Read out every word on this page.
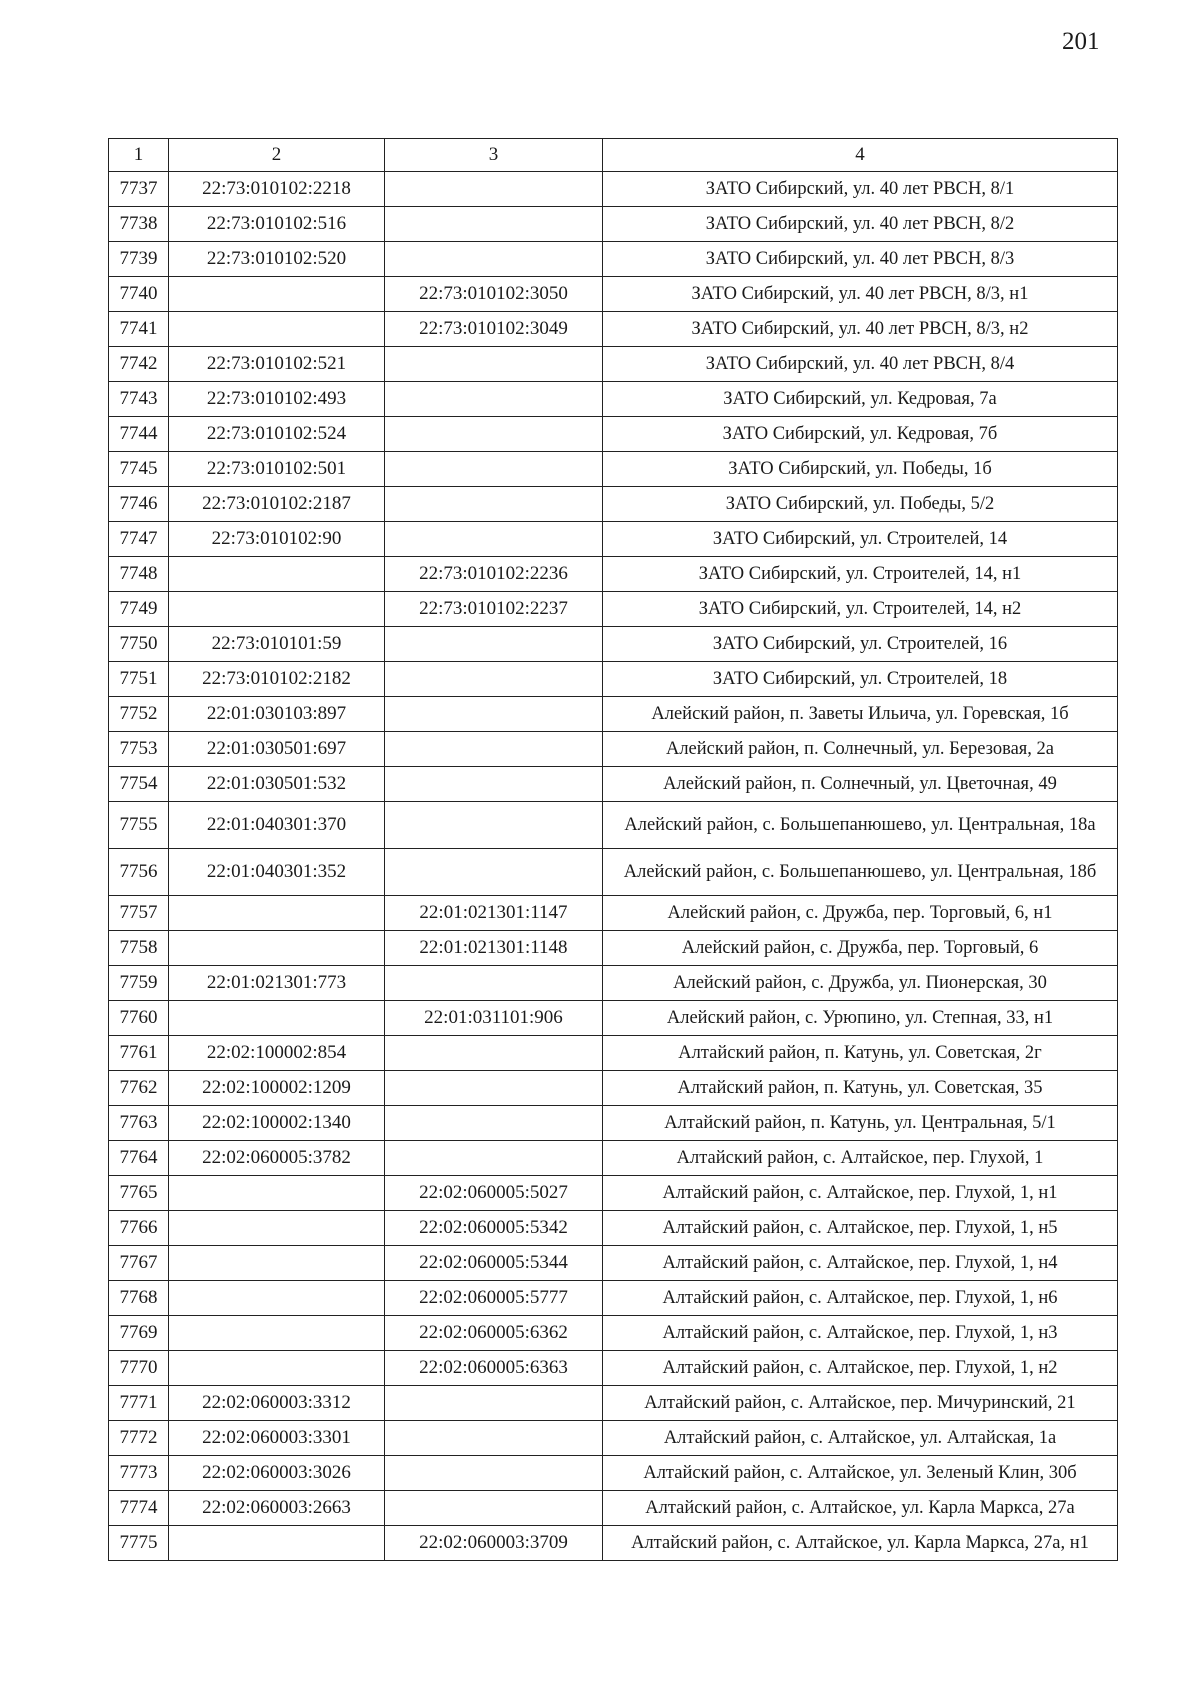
201
1	2	3	4
7737	22:73:010102:2218		ЗАТО Сибирский, ул. 40 лет РВСН, 8/1
7738	22:73:010102:516		ЗАТО Сибирский, ул. 40 лет РВСН, 8/2
7739	22:73:010102:520		ЗАТО Сибирский, ул. 40 лет РВСН, 8/3
7740		22:73:010102:3050	ЗАТО Сибирский, ул. 40 лет РВСН, 8/3, н1
7741		22:73:010102:3049	ЗАТО Сибирский, ул. 40 лет РВСН, 8/3, н2
7742	22:73:010102:521		ЗАТО Сибирский, ул. 40 лет РВСН, 8/4
7743	22:73:010102:493		ЗАТО Сибирский, ул. Кедровая, 7а
7744	22:73:010102:524		ЗАТО Сибирский, ул. Кедровая, 7б
7745	22:73:010102:501		ЗАТО Сибирский, ул. Победы, 1б
7746	22:73:010102:2187		ЗАТО Сибирский, ул. Победы, 5/2
7747	22:73:010102:90		ЗАТО Сибирский, ул. Строителей, 14
7748		22:73:010102:2236	ЗАТО Сибирский, ул. Строителей, 14, н1
7749		22:73:010102:2237	ЗАТО Сибирский, ул. Строителей, 14, н2
7750	22:73:010101:59		ЗАТО Сибирский, ул. Строителей, 16
7751	22:73:010102:2182		ЗАТО Сибирский, ул. Строителей, 18
7752	22:01:030103:897		Алейский район, п. Заветы Ильича, ул. Горевская, 1б
7753	22:01:030501:697		Алейский район, п. Солнечный, ул. Березовая, 2а
7754	22:01:030501:532		Алейский район, п. Солнечный, ул. Цветочная, 49
7755	22:01:040301:370		Алейский район, с. Большепанюшево, ул. Центральная, 18а
7756	22:01:040301:352		Алейский район, с. Большепанюшево, ул. Центральная, 18б
7757		22:01:021301:1147	Алейский район, с. Дружба, пер. Торговый, 6, н1
7758		22:01:021301:1148	Алейский район, с. Дружба, пер. Торговый, 6
7759	22:01:021301:773		Алейский район, с. Дружба, ул. Пионерская, 30
7760		22:01:031101:906	Алейский район, с. Урюпино, ул. Степная, 33, н1
7761	22:02:100002:854		Алтайский район, п. Катунь, ул. Советская, 2г
7762	22:02:100002:1209		Алтайский район, п. Катунь, ул. Советская, 35
7763	22:02:100002:1340		Алтайский район, п. Катунь, ул. Центральная, 5/1
7764	22:02:060005:3782		Алтайский район, с. Алтайское, пер. Глухой, 1
7765		22:02:060005:5027	Алтайский район, с. Алтайское, пер. Глухой, 1, н1
7766		22:02:060005:5342	Алтайский район, с. Алтайское, пер. Глухой, 1, н5
7767		22:02:060005:5344	Алтайский район, с. Алтайское, пер. Глухой, 1, н4
7768		22:02:060005:5777	Алтайский район, с. Алтайское, пер. Глухой, 1, н6
7769		22:02:060005:6362	Алтайский район, с. Алтайское, пер. Глухой, 1, н3
7770		22:02:060005:6363	Алтайский район, с. Алтайское, пер. Глухой, 1, н2
7771	22:02:060003:3312		Алтайский район, с. Алтайское, пер. Мичуринский, 21
7772	22:02:060003:3301		Алтайский район, с. Алтайское, ул. Алтайская, 1а
7773	22:02:060003:3026		Алтайский район, с. Алтайское, ул. Зеленый Клин, 30б
7774	22:02:060003:2663		Алтайский район, с. Алтайское, ул. Карла Маркса, 27а
7775		22:02:060003:3709	Алтайский район, с. Алтайское, ул. Карла Маркса, 27а, н1
